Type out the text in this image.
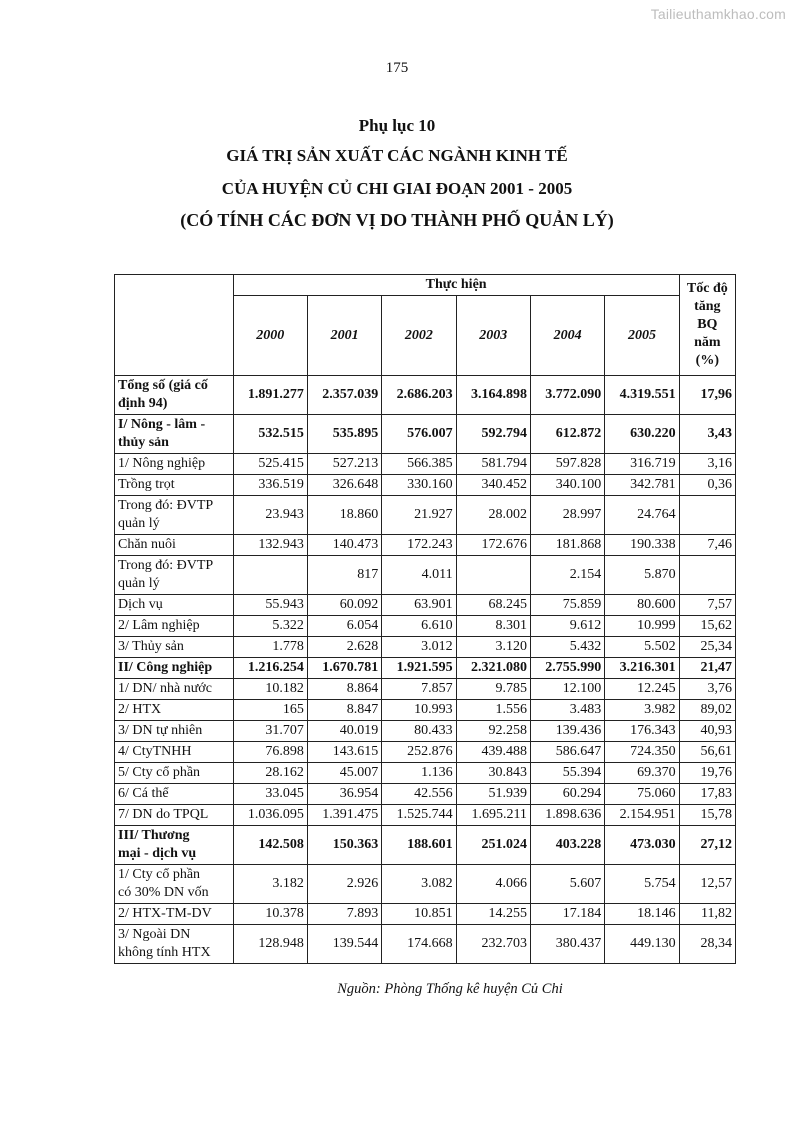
Tailieuthamkhao.com
175
Phụ lục 10
GIÁ TRỊ SẢN XUẤT CÁC NGÀNH KINH TẾ
CỦA HUYỆN CỦ CHI GIAI ĐOẠN 2001 - 2005
(CÓ TÍNH CÁC ĐƠN VỊ DO THÀNH PHỐ QUẢN LÝ)
	Thực hiện						Tốc độ
tăng
BQ
năm
(%)
	2000	2001	2002	2003	2004	2005	
Tổng số (giá cố
định 94)	1.891.277	2.357.039	2.686.203	3.164.898	3.772.090	4.319.551	17,96
I/ Nông - lâm -
thủy sản	532.515	535.895	576.007	592.794	612.872	630.220	3,43
1/ Nông nghiệp	525.415	527.213	566.385	581.794	597.828	316.719	3,16
Trồng trọt	336.519	326.648	330.160	340.452	340.100	342.781	0,36
Trong đó: ĐVTP
quản lý	23.943	18.860	21.927	28.002	28.997	24.764	
Chăn nuôi	132.943	140.473	172.243	172.676	181.868	190.338	7,46
Trong đó: ĐVTP
quản lý		817	4.011		2.154	5.870	
Dịch vụ	55.943	60.092	63.901	68.245	75.859	80.600	7,57
2/ Lâm nghiệp	5.322	6.054	6.610	8.301	9.612	10.999	15,62
3/ Thủy sản	1.778	2.628	3.012	3.120	5.432	5.502	25,34
II/ Công nghiệp	1.216.254	1.670.781	1.921.595	2.321.080	2.755.990	3.216.301	21,47
1/ DN/ nhà nước	10.182	8.864	7.857	9.785	12.100	12.245	3,76
2/ HTX	165	8.847	10.993	1.556	3.483	3.982	89,02
3/ DN tự nhiên	31.707	40.019	80.433	92.258	139.436	176.343	40,93
4/ CtyTNHH	76.898	143.615	252.876	439.488	586.647	724.350	56,61
5/ Cty cổ phần	28.162	45.007	1.136	30.843	55.394	69.370	19,76
6/ Cá thể	33.045	36.954	42.556	51.939	60.294	75.060	17,83
7/ DN do TPQL	1.036.095	1.391.475	1.525.744	1.695.211	1.898.636	2.154.951	15,78
III/ Thương
mại - dịch vụ	142.508	150.363	188.601	251.024	403.228	473.030	27,12
1/ Cty cổ phần
có 30% DN vốn	3.182	2.926	3.082	4.066	5.607	5.754	12,57
2/ HTX-TM-DV	10.378	7.893	10.851	14.255	17.184	18.146	11,82
3/ Ngoài DN
không tính HTX	128.948	139.544	174.668	232.703	380.437	449.130	28,34
Nguồn: Phòng Thống kê huyện Củ Chi
